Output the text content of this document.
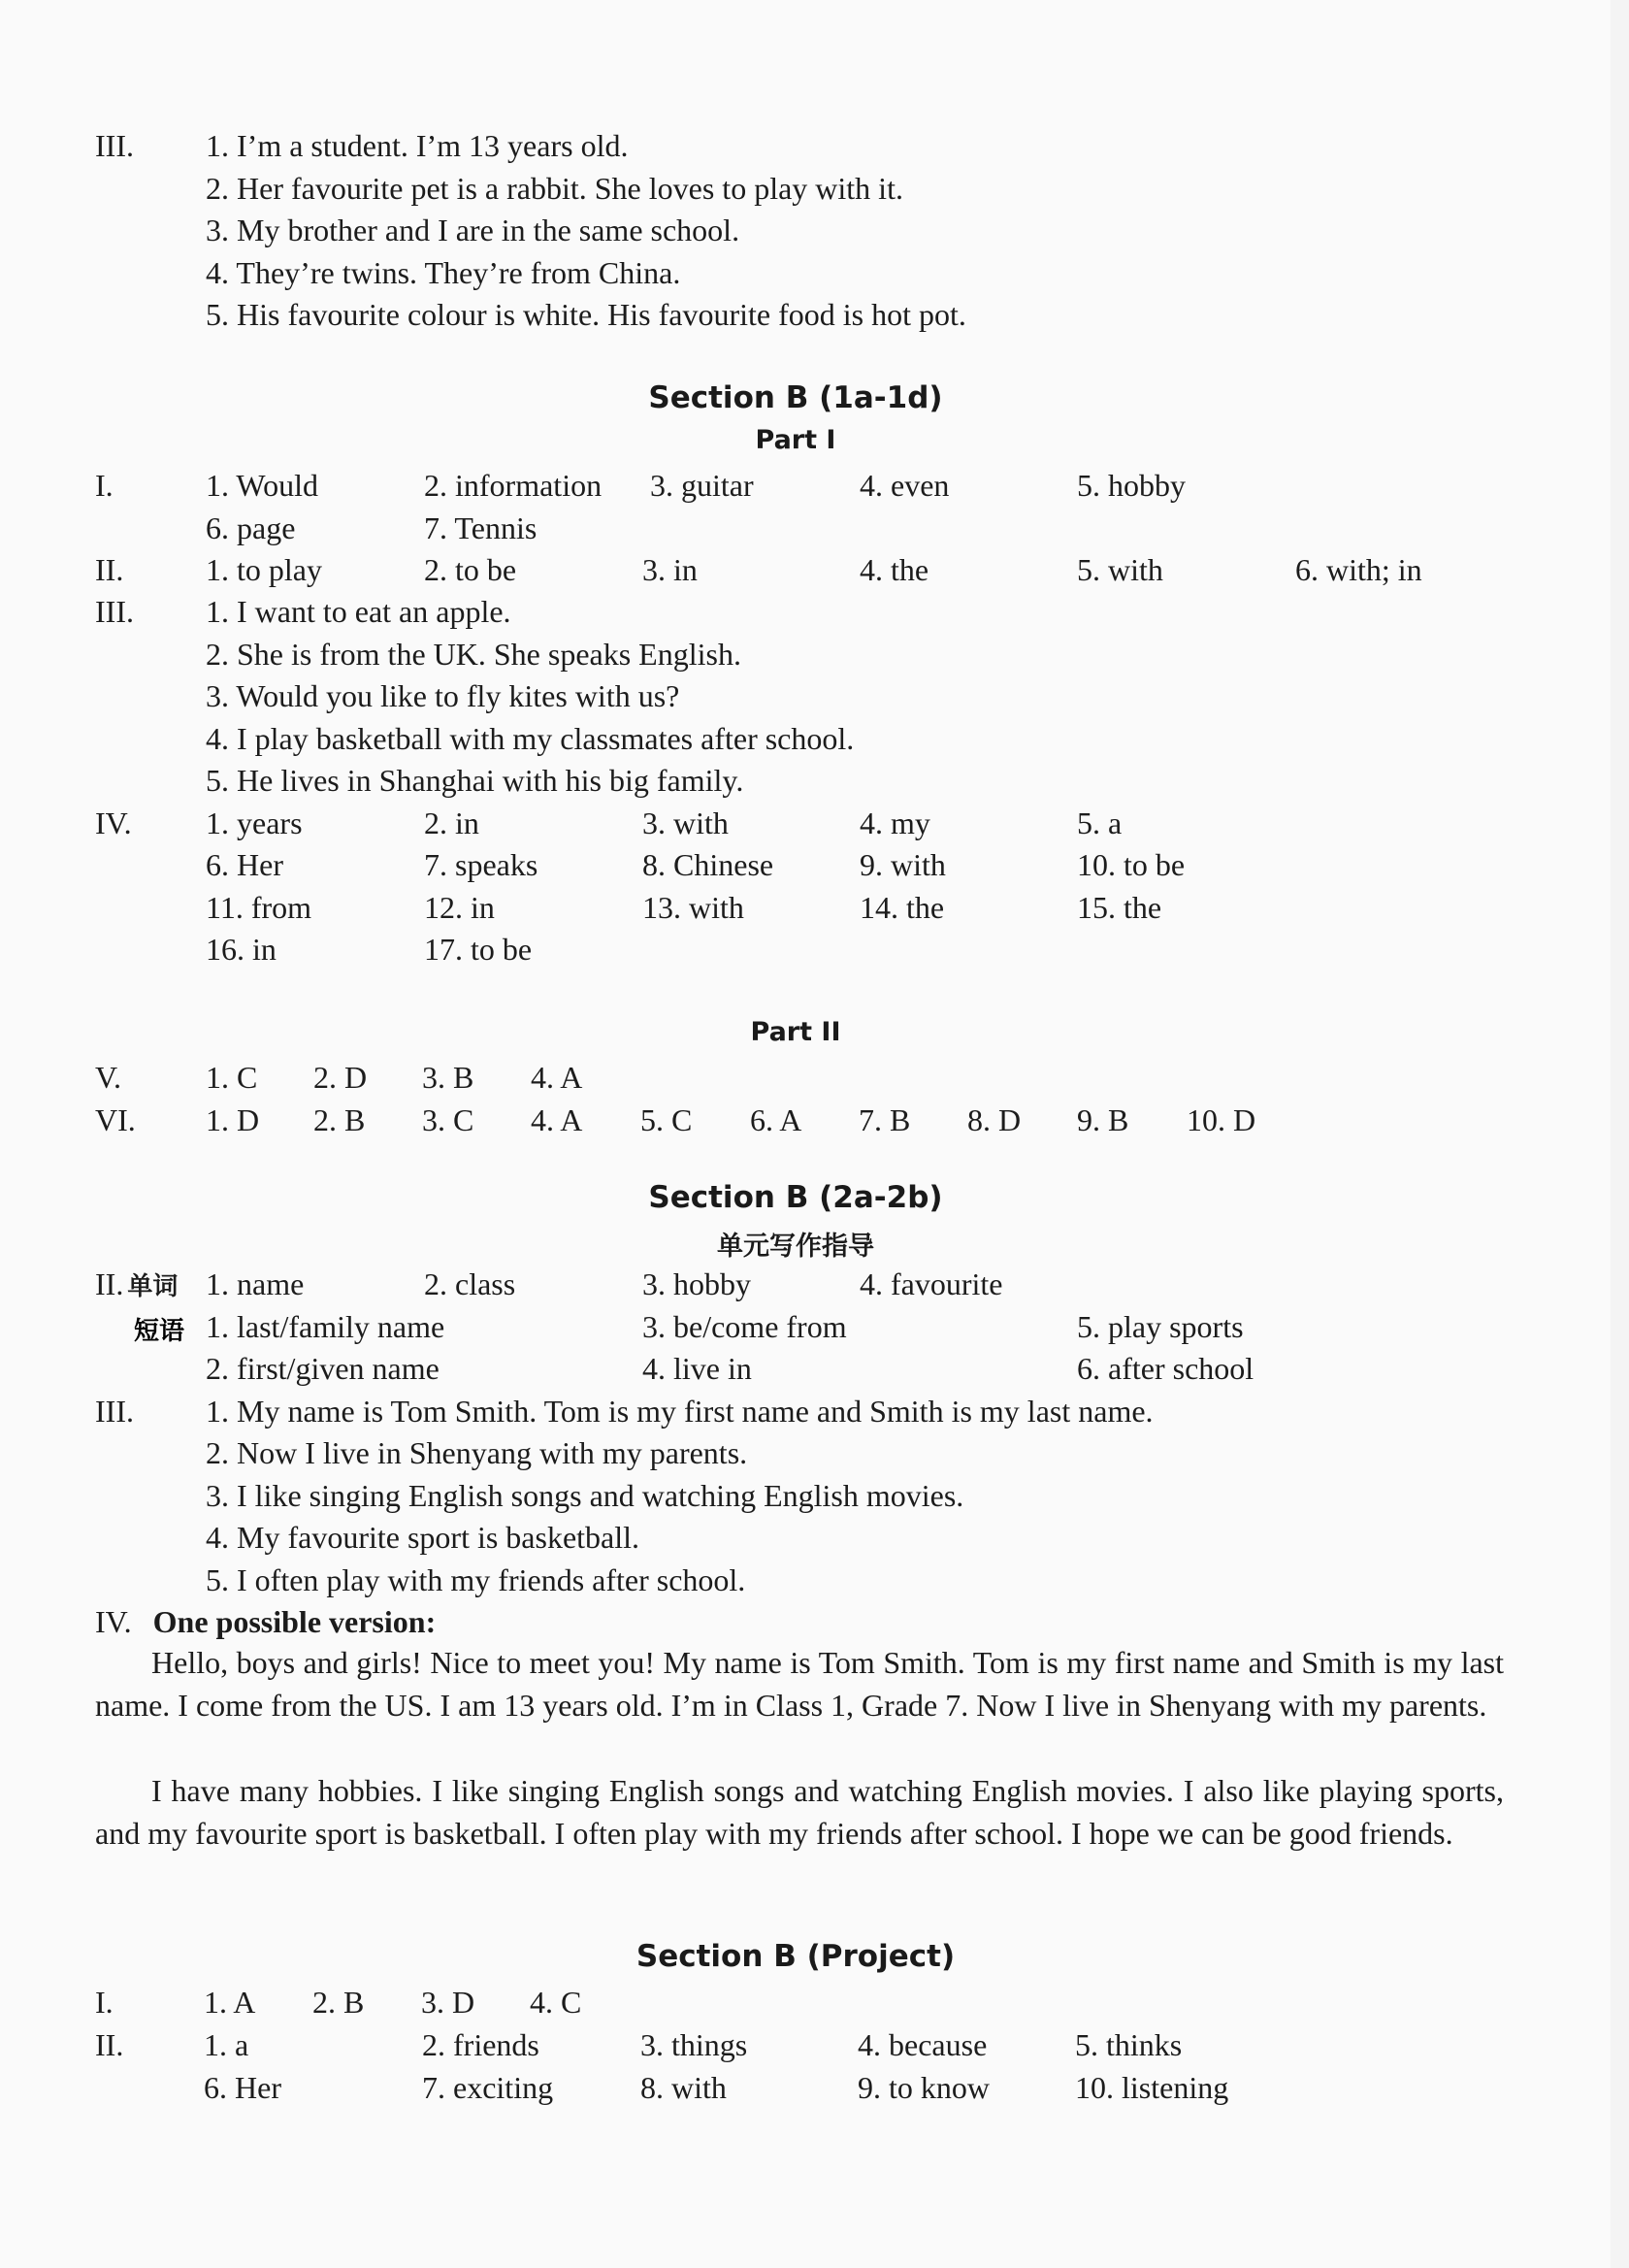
III. 1. I’m a student. I’m 13 years old.
2. Her favourite pet is a rabbit. She loves to play with it.
3. My brother and I are in the same school.
4. They’re twins. They’re from China.
5. His favourite colour is white. His favourite food is hot pot.
Section B (1a-1d)
Part I
I.	1. Would	2. information 3. guitar	4. even	5. hobby
6. page	7. Tennis
II.	1. to play	2. to be	3. in	4. the	5. with	6. with; in
III. 1. I want to eat an apple.
2. She is from the UK. She speaks English.
3. Would you like to fly kites with us?
4. I play basketball with my classmates after school.
5. He lives in Shanghai with his big family.
IV. 1. years	2. in	3. with	4. my	5. a
6. Her	7. speaks	8. Chinese	9. with	10. to be
11. from	12. in	13. with	14. the	15. the
16. in	17. to be
Part II
V.	1. C 2. D 3. B 4. A
VI. 1. D 2. B 3. C 4. A 5. C 6. A 7. B 8. D 9. B 10. D
Section B (2a-2b)
单元写作指导
II. 单词 1. name	2. class	3. hobby	4. favourite
短语 1. last/family name	3. be/come from	5. play sports
2. first/given name	4. live in	6. after school
III. 1. My name is Tom Smith. Tom is my first name and Smith is my last name.
2. Now I live in Shenyang with my parents.
3. I like singing English songs and watching English movies.
4. My favourite sport is basketball.
5. I often play with my friends after school.
IV. One possible version:
Hello, boys and girls! Nice to meet you! My name is Tom Smith. Tom is my first name and Smith is my last name. I come from the US. I am 13 years old. I’m in Class 1, Grade 7. Now I live in Shenyang with my parents.
I have many hobbies. I like singing English songs and watching English movies. I also like playing sports, and my favourite sport is basketball. I often play with my friends after school. I hope we can be good friends.
Section B (Project)
I.	1. A 2. B 3. D 4. C
II.	1. a	2. friends	3. things	4. because	5. thinks
6. Her	7. exciting	8. with	9. to know	10. listening
